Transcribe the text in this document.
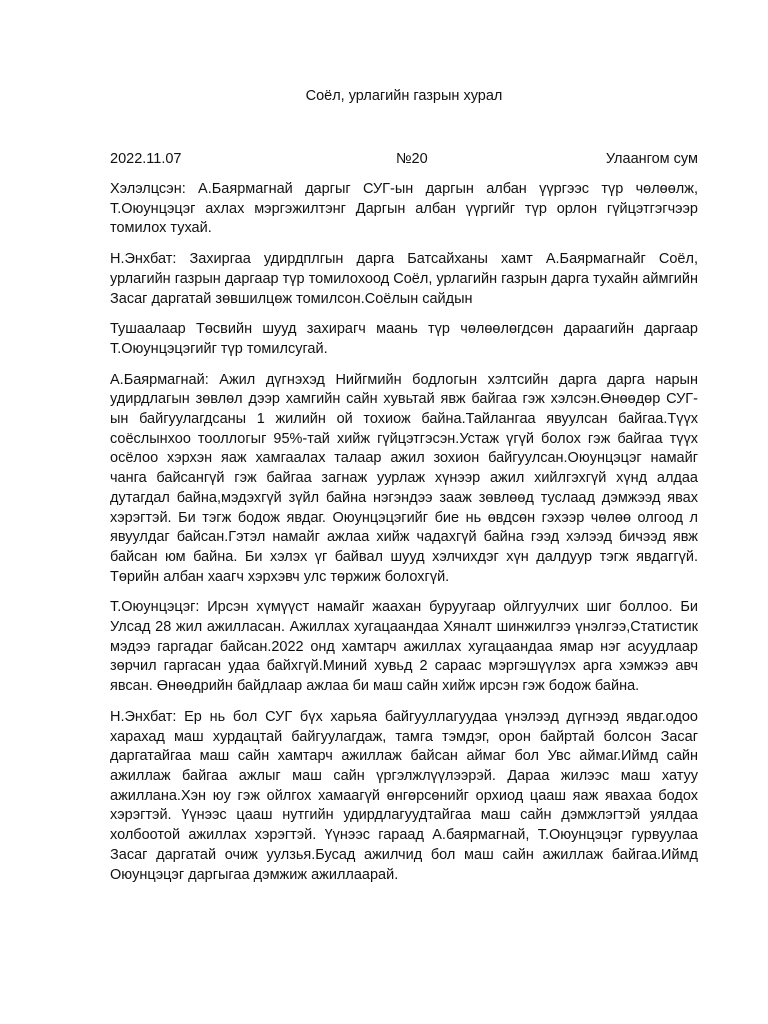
Соёл, урлагийн газрын хурал
2022.11.07	№20	Улаангом сум

Хэлэлцсэн: А.Баярмагнай даргыг СУГ-ын даргын албан үүргээс түр чөлөөлж, Т.Оюунцэцэг ахлах мэргэжилтэнг Даргын албан үүргийг түр орлон гүйцэтгэгчээр томилох тухай.

Н.Энхбат: Захиргаа удирдплгын дарга Батсайханы хамт А.Баярмагнайг Соёл, урлагийн газрын даргаар түр томилохоод Соёл, урлагийн газрын дарга тухайн аймгийн Засаг даргатай зөвшилцөж томилсон.Соёлын сайдын

Тушаалаар Төсвийн шууд захирагч маань түр чөлөөлөгдсөн дараагийн даргаар Т.Оюунцэцэгийг түр томилсугай.

А.Баярмагнай: Ажил дүгнэхэд Нийгмийн бодлогын хэлтсийн дарга дарга нарын удирдлагын зөвлөл дээр хамгийн сайн хувьтай явж байгаа гэж хэлсэн.Өнөөдөр СУГ-ын байгуулагдсаны 1 жилийн ой тохиож байна.Тайлангаа явуулсан байгаа.Түүх соёслынхоо тооллогыг 95%-тай хийж гүйцэтгэсэн.Устаж үгүй болох гэж байгаа түүх осёлоо хэрхэн яаж хамгаалах талаар ажил зохион байгуулсан.Оюунцэцэг намайг чанга байсангүй гэж байгаа загнаж уурлаж хүнээр ажил хийлгэхгүй хүнд алдаа дутагдал байна,мэдэхгүй зүйл байна нэгэндээ зааж зөвлөөд туслаад дэмжээд явах хэрэгтэй. Би тэгж бодож явдаг. Оюунцэцэгийг бие нь өвдсөн гэхээр чөлөө олгоод л явуулдаг байсан.Гэтэл намайг ажлаа хийж чадахгүй байна гээд хэлээд бичээд явж байсан юм байна. Би хэлэх үг байвал шууд хэлчихдэг хүн далдуур тэгж явдаггүй. Төрийн албан хаагч хэрхэвч улс төржиж болохгүй.

Т.Оюунцэцэг: Ирсэн хүмүүст намайг жаахан буруугаар ойлгуулчих шиг боллоо. Би Улсад 28 жил ажилласан. Ажиллах хугацаандаа Хяналт шинжилгээ үнэлгээ,Статистик мэдээ гаргадаг байсан.2022 онд хамтарч ажиллах хугацаандаа ямар нэг асуудлаар зөрчил гаргасан удаа байхгүй.Миний хувьд 2 сараас мэргэшүүлэх арга хэмжээ авч явсан. Өнөөдрийн байдлаар ажлаа би маш сайн хийж ирсэн гэж бодож байна.

Н.Энхбат: Ер нь бол СУГ бүх харьяа байгууллагуудаа үнэлээд дүгнээд явдаг.одоо харахад маш хурдацтай байгуулагдаж, тамга тэмдэг, орон байртай болсон Засаг даргатайгаа маш сайн хамтарч ажиллаж байсан аймаг бол Увс аймаг.Иймд сайн ажиллаж байгаа ажлыг маш сайн үргэлжлүүлээрэй. Дараа жилээс маш хатуу ажиллана.Хэн юу гэж ойлгох хамаагүй өнгөрсөнийг орхиод цааш яаж явахаа бодох хэрэгтэй. Үүнээс цааш нутгийн удирдлагуудтайгаа маш сайн дэмжлэгтэй уялдаа холбоотой ажиллах хэрэгтэй. Үүнээс гараад А.баярмагнай, Т.Оюунцэцэг гурвуулаа Засаг даргатай очиж уулзья.Бусад ажилчид бол маш сайн ажиллаж байгаа.Иймд Оюунцэцэг даргыгаа дэмжиж ажиллаарай.
